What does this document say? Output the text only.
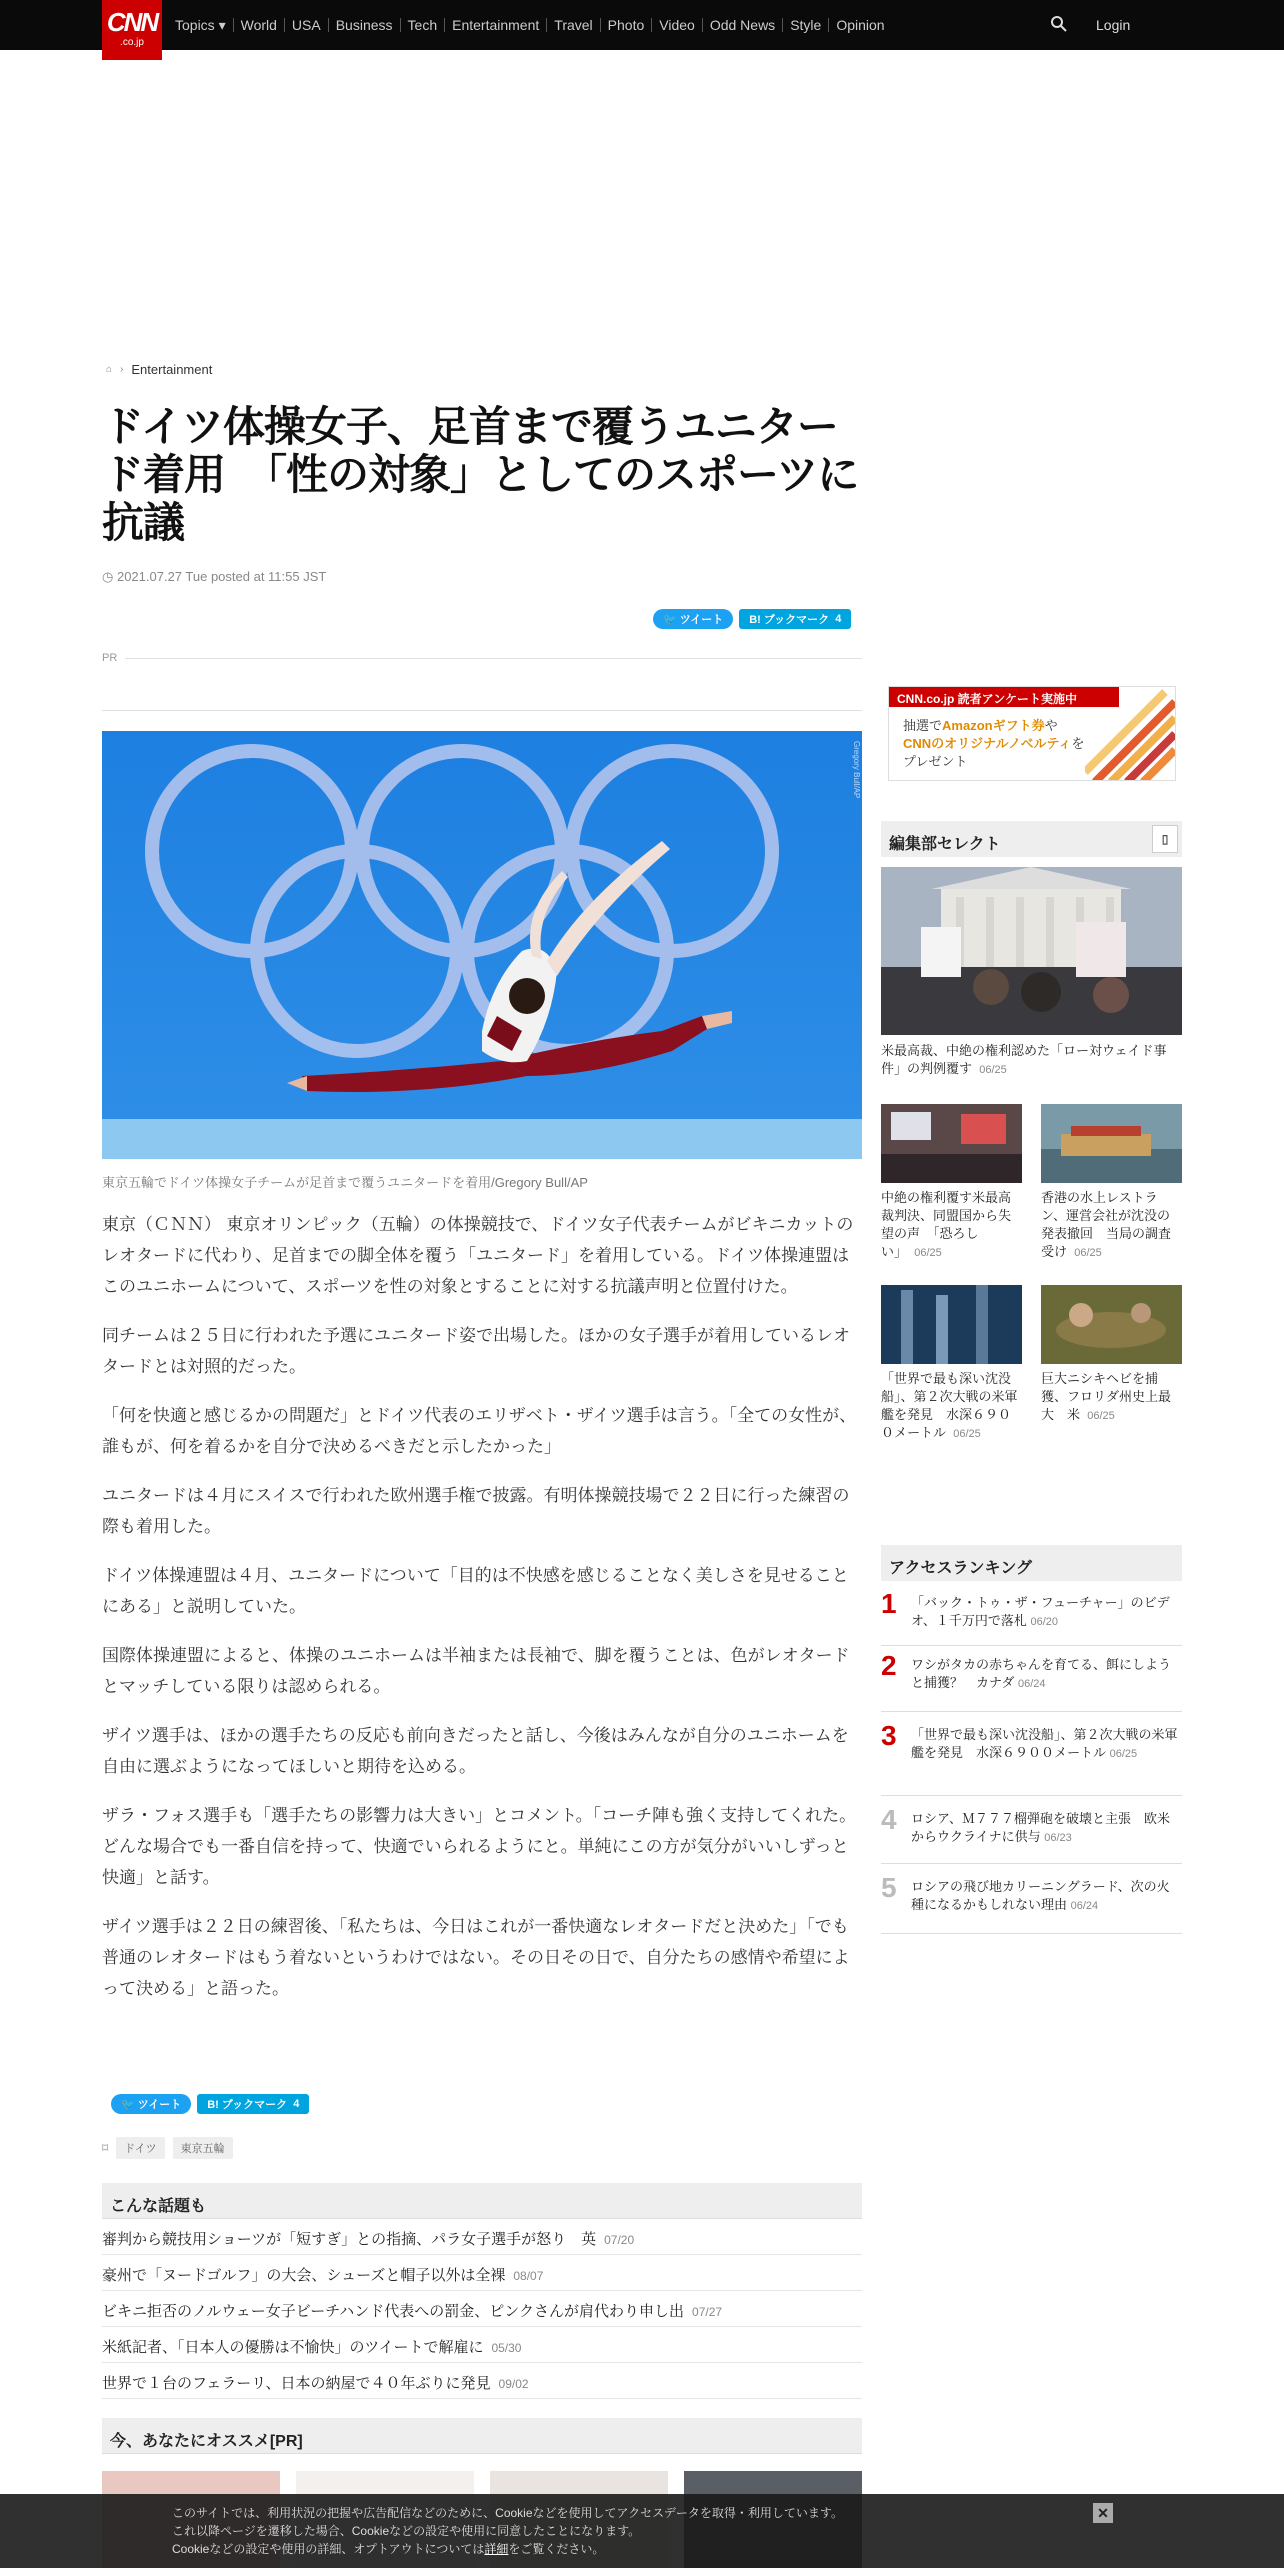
CNN
.co.jp
Topics ▾	World	USA	Business	Tech	Entertainment	Travel	Photo	Video	Odd News	Style	Opinion	Login
⌂ › Entertainment
ドイツ体操女子、足首まで覆うユニタード着用　「性の対象」としてのスポーツに抗議
◷ 2021.07.27 Tue posted at 11:55 JST
🐦 ツイート B! ブックマーク
4
PR
Gregory Bull/AP
東京五輪でドイツ体操女子チームが足首まで覆うユニタードを着用/Gregory Bull/AP

東京（ＣＮＮ） 東京オリンピック（五輪）の体操競技で、ドイツ女子代表チームがビキニカットのレオタードに代わり、足首までの脚全体を覆う「ユニタード」を着用している。ドイツ体操連盟はこのユニホームについて、スポーツを性の対象とすることに対する抗議声明と位置付けた。

同チームは２５日に行われた予選にユニタード姿で出場した。ほかの女子選手が着用しているレオタードとは対照的だった。

「何を快適と感じるかの問題だ」とドイツ代表のエリザベト・ザイツ選手は言う。「全ての女性が、誰もが、何を着るかを自分で決めるべきだと示したかった」

ユニタードは４月にスイスで行われた欧州選手権で披露。有明体操競技場で２２日に行った練習の際も着用した。

ドイツ体操連盟は４月、ユニタードについて「目的は不快感を感じることなく美しさを見せることにある」と説明していた。

国際体操連盟によると、体操のユニホームは半袖または長袖で、脚を覆うことは、色がレオタードとマッチしている限りは認められる。

ザイツ選手は、ほかの選手たちの反応も前向きだったと話し、今後はみんなが自分のユニホームを自由に選ぶようになってほしいと期待を込める。

ザラ・フォス選手も「選手たちの影響力は大きい」とコメント。「コーチ陣も強く支持してくれた。どんな場合でも一番自信を持って、快適でいられるようにと。単純にこの方が気分がいいしずっと快適」と話す。

ザイツ選手は２２日の練習後、「私たちは、今日はこれが一番快適なレオタードだと決めた」「でも普通のレオタードはもう着ないというわけではない。その日その日で、自分たちの感情や希望によって決める」と語った。

🐦 ツイート B! ブックマーク
4
⌑	ドイツ	東京五輪
こんな話題も
審判から競技用ショーツが「短すぎ」との指摘、パラ女子選手が怒り　英 07/20
豪州で「ヌードゴルフ」の大会、シューズと帽子以外は全裸 08/07
ビキニ拒否のノルウェー女子ビーチハンド代表への罰金、ピンクさんが肩代わり申し出 07/27
米紙記者、「日本人の優勝は不愉快」のツイートで解雇に 05/30
世界で１台のフェラーリ、日本の納屋で４０年ぶりに発見 09/02
今、あなたにオススメ[PR]
CNN.co.jp 読者アンケート実施中
抽選でAmazonギフト券や
CNNのオリジナルノベルティを
プレゼント
編集部セレクト	▯
米最高裁、中絶の権利認めた「ロー対ウェイド事件」の判例覆す 06/25
中絶の権利覆す米最高裁判決、同盟国から失望の声　「恐ろしい」 06/25
香港の水上レストラン、運営会社が沈没の発表撤回　当局の調査受け 06/25
「世界で最も深い沈没船」、第２次大戦の米軍艦を発見　水深６９００メートル 06/25
巨大ニシキヘビを捕獲、フロリダ州史上最大　米 06/25
アクセスランキング
1 「バック・トゥ・ザ・フューチャー」のビデオ、１千万円で落札 06/20
2 ワシがタカの赤ちゃんを育てる、餌にしようと捕獲？　カナダ 06/24
3 「世界で最も深い沈没船」、第２次大戦の米軍艦を発見　水深６９００メートル 06/25
4 ロシア、Ｍ７７７榴弾砲を破壊と主張　欧米からウクライナに供与 06/23
5 ロシアの飛び地カリーニングラード、次の火種になるかもしれない理由 06/24
このサイトでは、利用状況の把握や広告配信などのために、Cookieなどを使用してアクセスデータを取得・利用しています。
これ以降ページを遷移した場合、Cookieなどの設定や使用に同意したことになります。
Cookieなどの設定や使用の詳細、オプトアウトについては詳細をご覧ください。
✕
